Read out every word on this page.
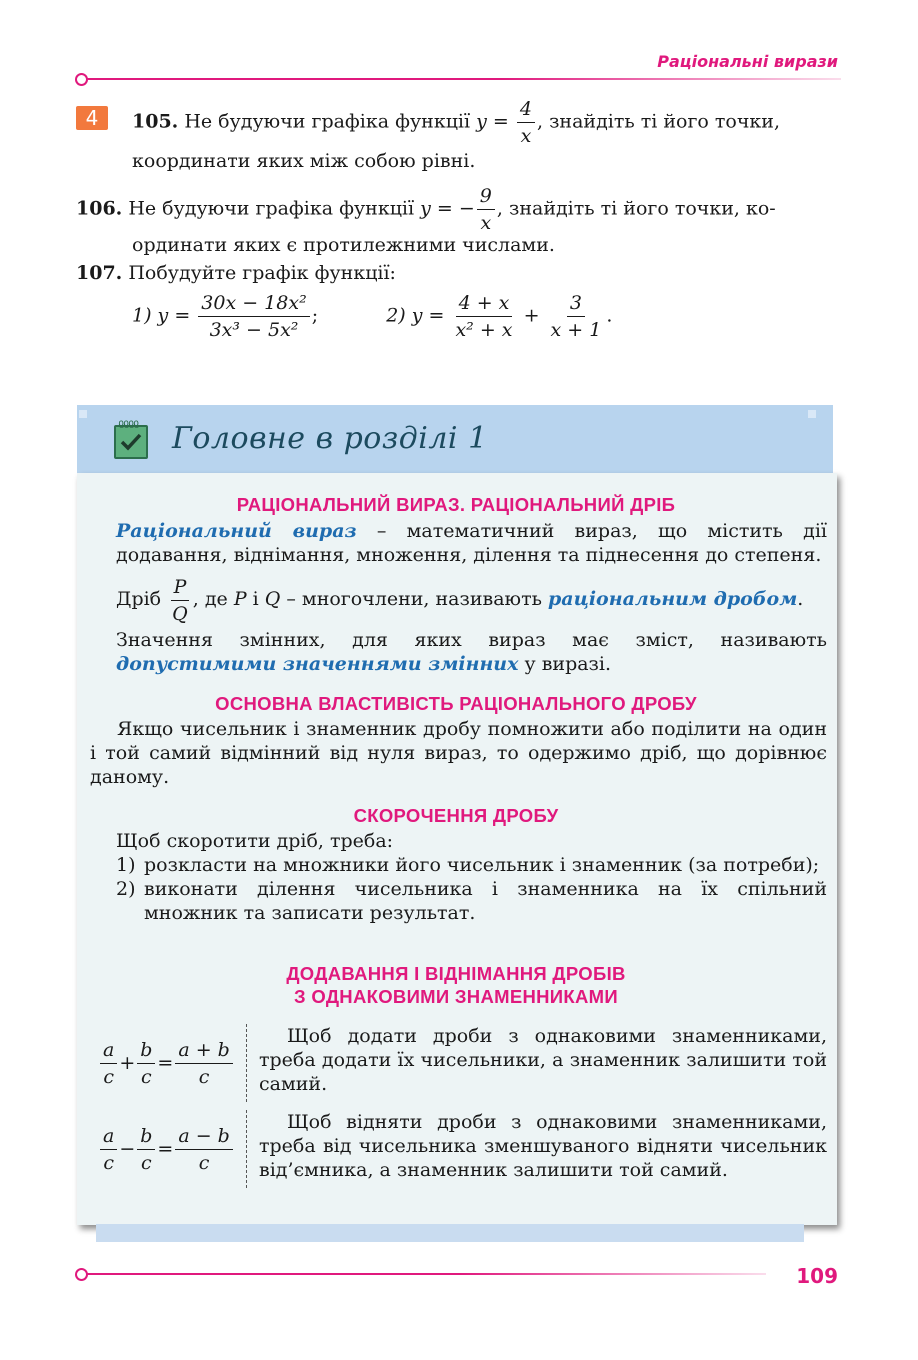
Раціональні вирази
4	105. Не будуючи графіка функції $y = \frac{4}{x}$ , знайдіть ті його точки,
координати яких між собою рівні.
106. Не будуючи графіка функції y = − $\frac{9}{x}$ , знайдіть ті його точки, ко-
ординати яких є протилежними числами.
107. Побудуйте графік функції:
1) $y = \frac{\text{30x − 18x²}}{\text{3x³ − 5x²}}$ ;	2) $y = \frac{4 + x}{\text{x² + x}} + \frac{3}{x + 1}$ .
ϱϱϱϱ Головне в розділі 1
РАЦІОНАЛЬНИЙ ВИРАЗ. РАЦІОНАЛЬНИЙ ДРІБ
Раціональний вираз – математичний вираз, що містить дії додавання, віднімання, множення, ділення та піднесення до степеня.
Дріб $\frac{P}{Q}$ , де P і Q – многочлени, називають раціональним дробом.
Значення змінних, для яких вираз має зміст, називають допустимими значеннями змінних у виразі.
ОСНОВНА ВЛАСТИВІСТЬ РАЦІОНАЛЬНОГО ДРОБУ
Якщо чисельник і знаменник дробу помножити або поділити на один і той самий відмінний від нуля вираз, то одержимо дріб, що дорівнює даному.
СКОРОЧЕННЯ ДРОБУ
Щоб скоротити дріб, треба:
1) розкласти на множники його чисельник і знаменник (за потреби);
2) виконати ділення чисельника і знаменника на їх спільний множник та записати результат.
ДОДАВАННЯ І ВІДНІМАННЯ ДРОБІВ
З ОДНАКОВИМИ ЗНАМЕННИКАМИ
$\frac{a}{c} + \frac{b}{c} = \frac{a + b}{c}$
Щоб додати дроби з однаковими знаменниками, треба додати їх чисельники, а знаменник залишити той самий.
$\frac{a}{c} - \frac{b}{c} = \frac{a - b}{c}$
Щоб відняти дроби з однаковими знаменниками, треба від чисельника зменшуваного відняти чисельник від’ємника, а знаменник залишити той самий.
109
